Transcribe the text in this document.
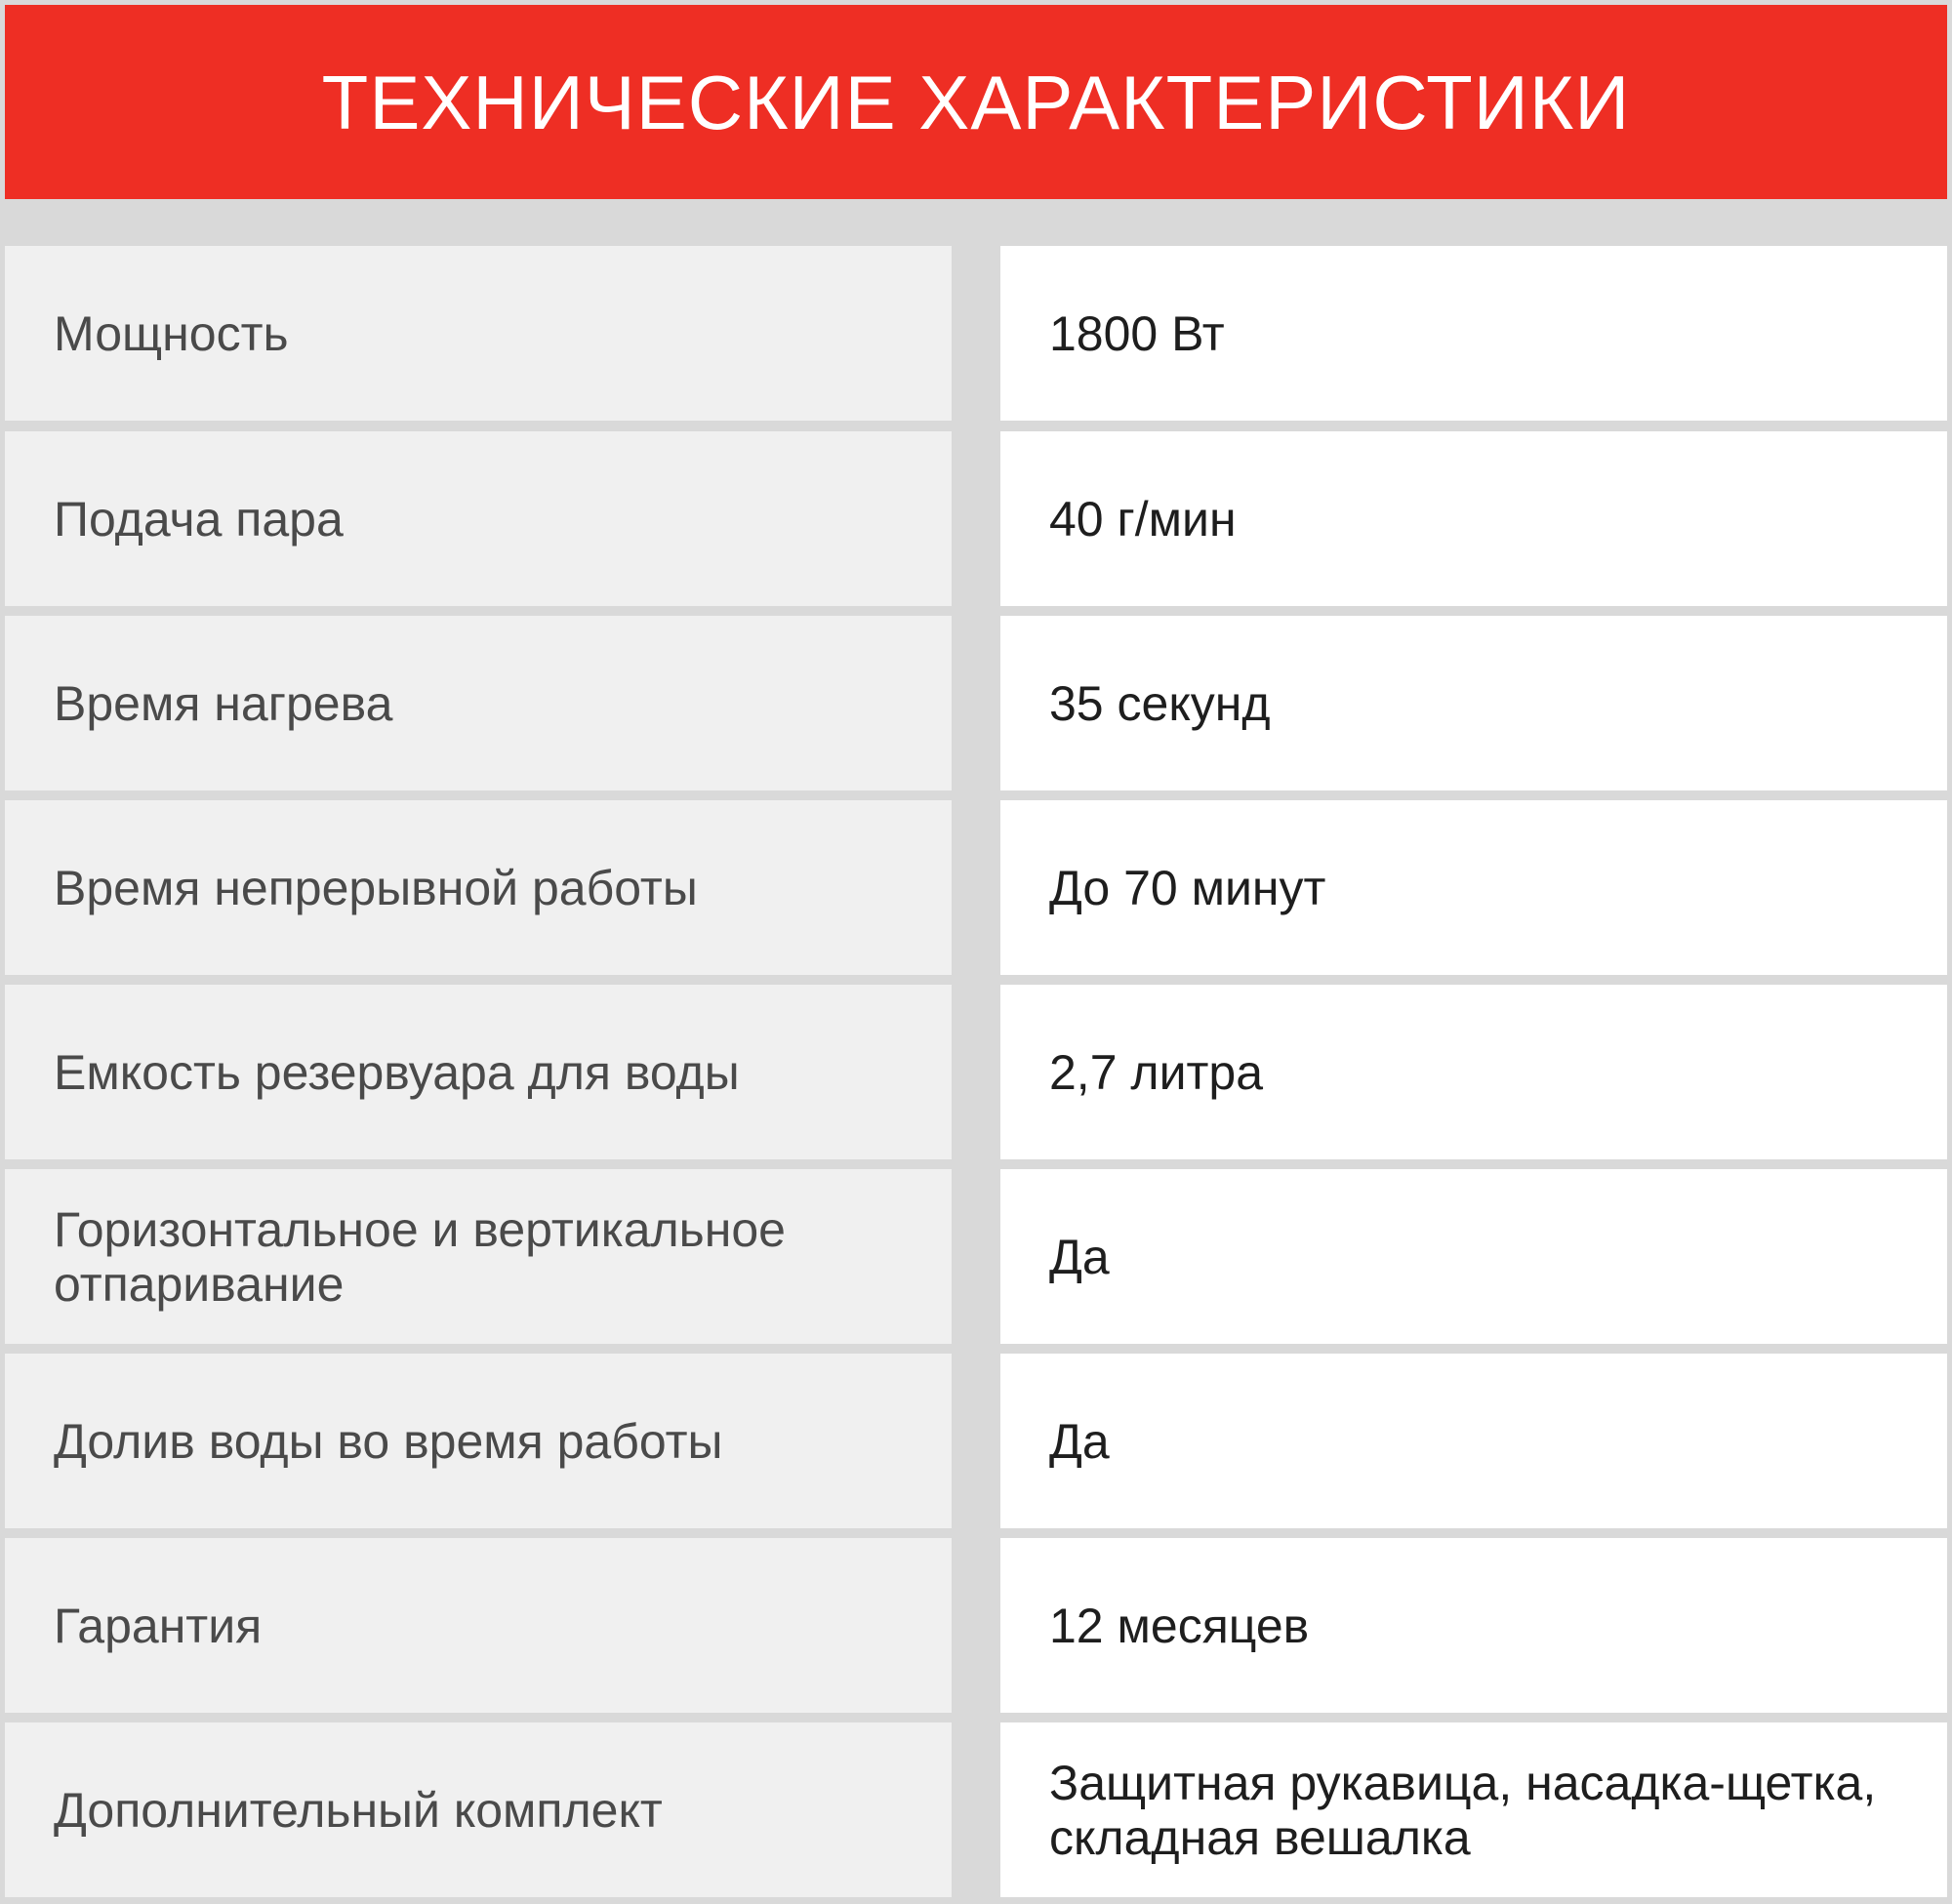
ТЕХНИЧЕСКИЕ ХАРАКТЕРИСТИКИ
Мощность	1800 Вт
Подача пара	40 г/мин
Время нагрева	35 секунд
Время непрерывной работы	До 70 минут
Емкость резервуара для воды	2,7 литра
Горизонтальное и вертикальное отпаривание	Да
Долив воды во время работы	Да
Гарантия	12 месяцев
Дополнительный комплект	Защитная рукавица, насадка-щетка, складная вешалка
